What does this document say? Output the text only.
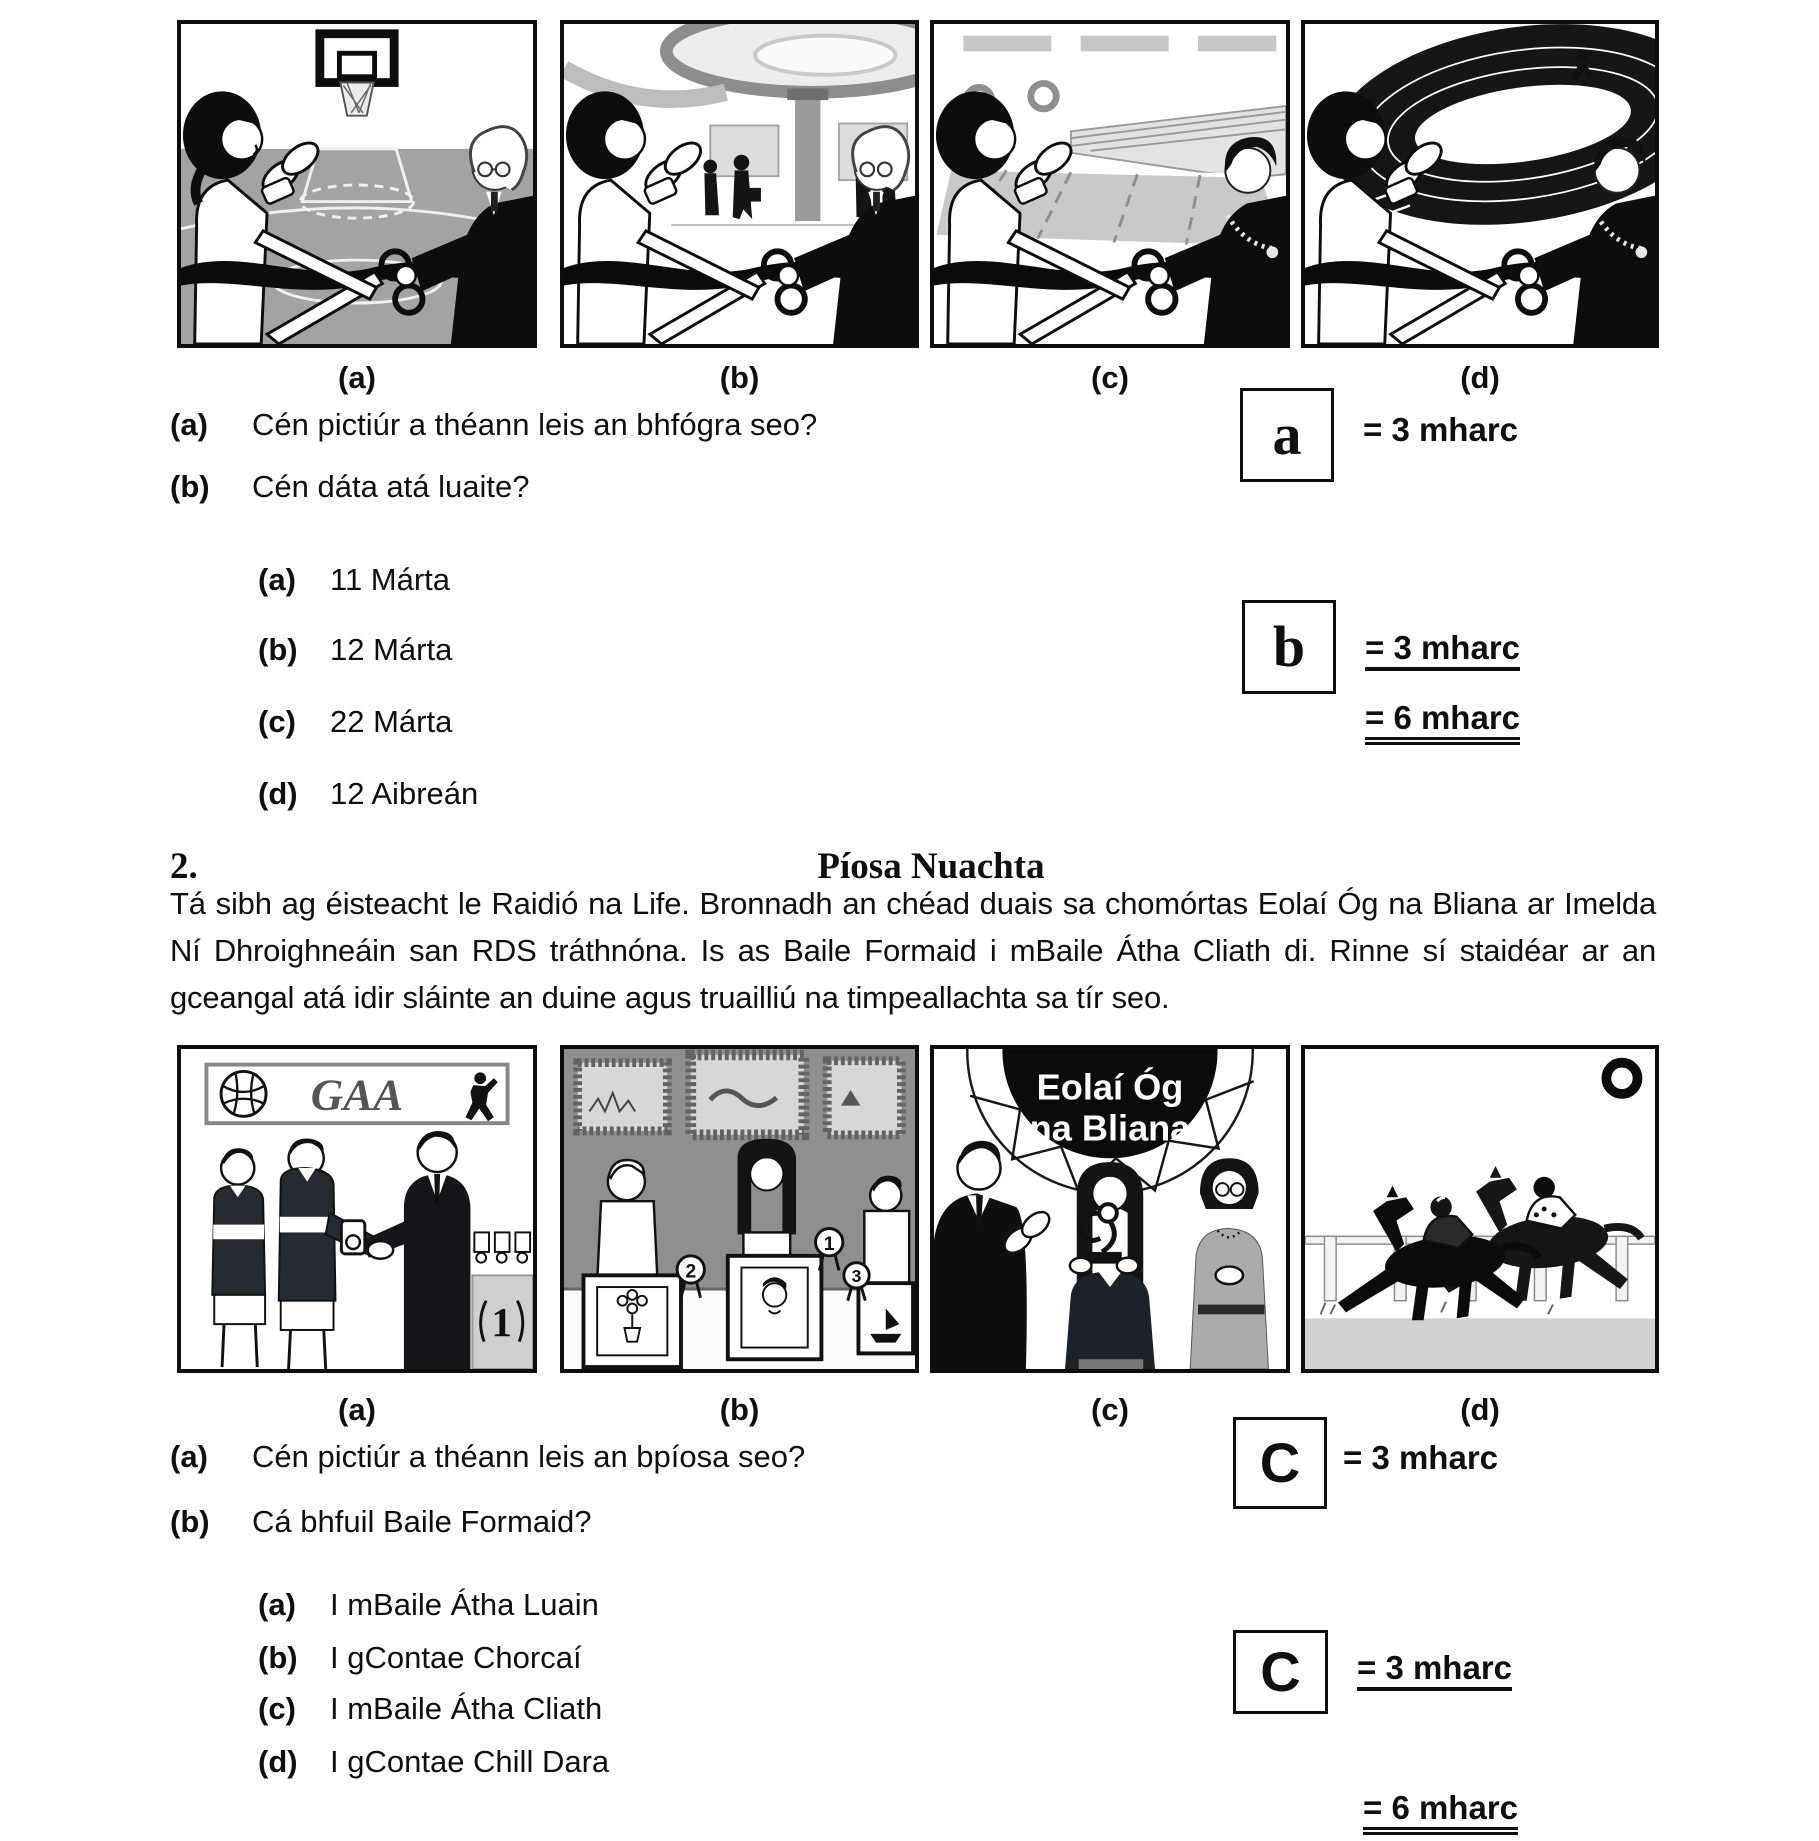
(a)	(b)	(c)	(d)
(a) Cén pictiúr a théann leis an bhfógra seo?	a = 3 mharc
(b) Cén dáta atá luaite?
(a) 11 Márta
(b) 12 Márta
(c) 22 Márta
(d) 12 Aibreán
b = 3 mharc
= 6 mharc
2.	Píosa Nuachta
Tá sibh ag éisteacht le Raidió na Life. Bronnadh an chéad duais sa chomórtas Eolaí Óg na Bliana ar Imelda Ní Dhroighneáin san RDS tráthnóna. Is as Baile Formaid i mBaile Átha Cliath di. Rinne sí staidéar ar an gceangal atá idir sláinte an duine agus truailliú na timpeallachta sa tír seo.
GAA
1
2
1
3
Eolaí Óg
na Bliana
(a)	(b)	(c)	(d)
(a) Cén pictiúr a théann leis an bpíosa seo?	C = 3 mharc
(b) Cá bhfuil Baile Formaid?
(a) I mBaile Átha Luain
(b) I gContae Chorcaí
(c) I mBaile Átha Cliath
(d) I gContae Chill Dara
C = 3 mharc
= 6 mharc
